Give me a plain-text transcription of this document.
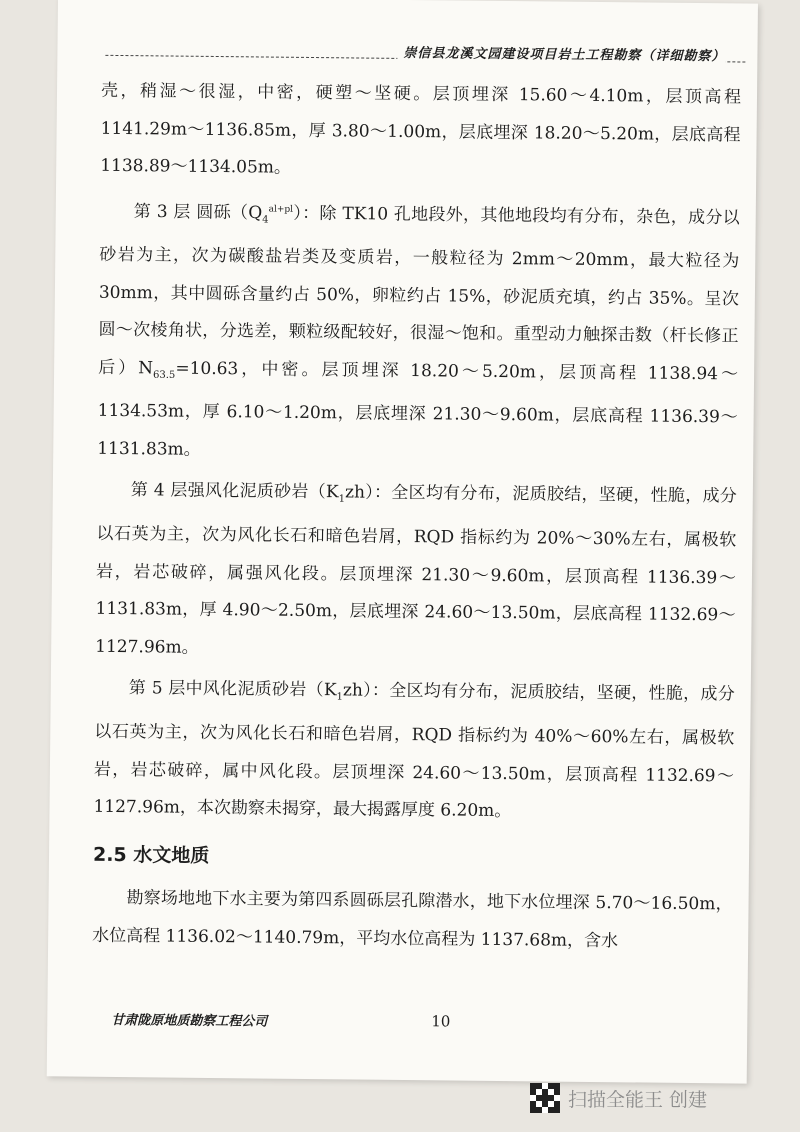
崇信县龙溪文园建设项目岩土工程勘察（详细勘察）

壳，稍湿～很湿，中密，硬塑～坚硬。层顶埋深 15.60～4.10m，层顶高程 1141.29m～1136.85m，厚 3.80～1.00m，层底埋深 18.20～5.20m，层底高程 1138.89～1134.05m。

第 3 层 圆砾$(Q_4^{al+pl})$：除 TK10 孔地段外，其他地段均有分布，杂色，成分以砂岩为主，次为碳酸盐岩类及变质岩，一般粒径为 2mm～20mm，最大粒径为 30mm，其中圆砾含量约占 50%，卵粒约占 15%，砂泥质充填，约占 35%。呈次圆～次棱角状，分选差，颗粒级配较好，很湿～饱和。重型动力触探击数（杆长修正后）$N_{63.5}=10.63$，中密。层顶埋深 18.20～5.20m，层顶高程 1138.94～1134.53m，厚 6.10～1.20m，层底埋深 21.30～9.60m，层底高程 1136.39～1131.83m。

第 4 层强风化泥质砂岩$(K_1zh)$：全区均有分布，泥质胶结，坚硬，性脆，成分以石英为主，次为风化长石和暗色岩屑，RQD 指标约为 20%～30%左右，属极软岩，岩芯破碎，属强风化段。层顶埋深 21.30～9.60m，层顶高程 1136.39～1131.83m，厚 4.90～2.50m，层底埋深 24.60～13.50m，层底高程 1132.69～1127.96m。

第 5 层中风化泥质砂岩$(K_1zh)$：全区均有分布，泥质胶结，坚硬，性脆，成分以石英为主，次为风化长石和暗色岩屑，RQD 指标约为 40%～60%左右，属极软岩，岩芯破碎，属中风化段。层顶埋深 24.60～13.50m，层顶高程 1132.69～1127.96m，本次勘察未揭穿，最大揭露厚度 6.20m。

2.5 水文地质

勘察场地地下水主要为第四系圆砾层孔隙潜水，地下水位埋深 5.70～16.50m，水位高程 1136.02～1140.79m，平均水位高程为 1137.68m，含水

甘肃陇原地质勘察工程公司	10
扫描全能王 创建
